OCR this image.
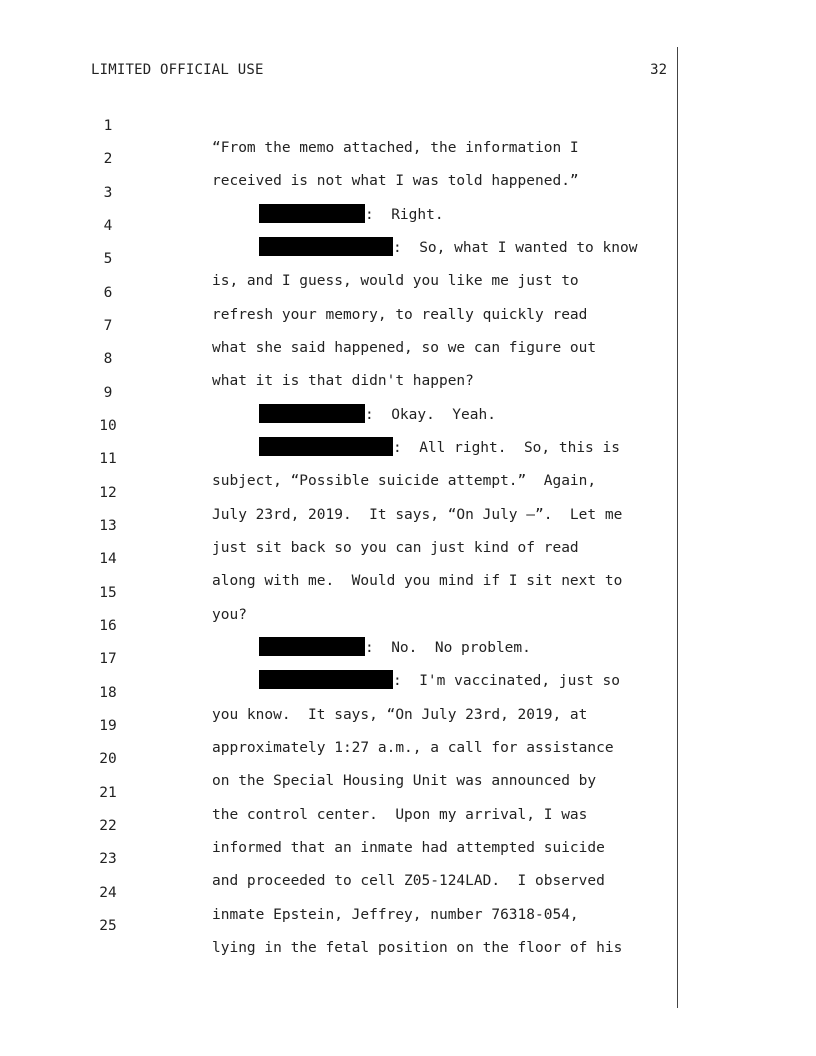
LIMITED OFFICIAL USE	32

1

“From the memo attached, the information I

2

received is not what I was told happened.”

3

:  Right.

4

:  So, what I wanted to know

5

is, and I guess, would you like me just to

6

refresh your memory, to really quickly read

7

what she said happened, so we can figure out

8

what it is that didn't happen?

9

:  Okay.  Yeah.

10

:  All right.  So, this is

11

subject, “Possible suicide attempt.”  Again,

12

July 23rd, 2019.  It says, “On July –”.  Let me

13

just sit back so you can just kind of read

14

along with me.  Would you mind if I sit next to

15

you?

16

:  No.  No problem.

17

:  I'm vaccinated, just so

18

you know.  It says, “On July 23rd, 2019, at

19

approximately 1:27 a.m., a call for assistance

20

on the Special Housing Unit was announced by

21

the control center.  Upon my arrival, I was

22

informed that an inmate had attempted suicide

23

and proceeded to cell Z05-124LAD.  I observed

24

inmate Epstein, Jeffrey, number 76318-054,

25

lying in the fetal position on the floor of his
